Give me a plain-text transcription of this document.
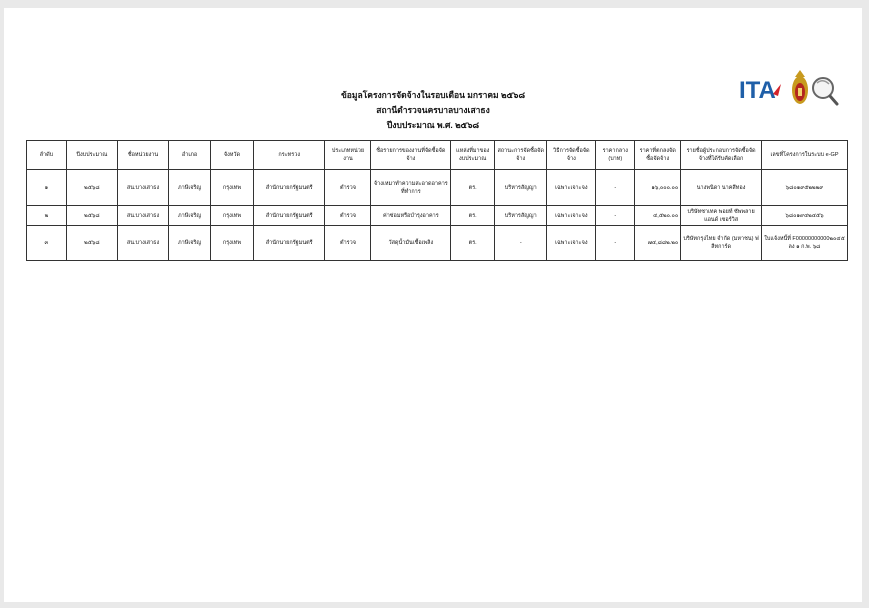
ITA
ข้อมูลโครงการจัดจ้างในรอบเดือน มกราคม ๒๕๖๘
สถานีตำรวจนครบาลบางเสาธง
ปีงบประมาณ พ.ศ. ๒๕๖๘
ลำดับ	ปีงบประมาณ	ชื่อหน่วยงาน	อำเภอ	จังหวัด	กระทรวง	ประเภทหน่วยงาน	ชื่อรายการของงานที่จัดซื้อจัดจ้าง	แหล่งที่มาของงบประมาณ	สถานะการจัดซื้อจัดจ้าง	วิธีการจัดซื้อจัดจ้าง	ราคากลาง (บาท)	ราคาที่ตกลงจัดซื้อจัดจ้าง	รายชื่อผู้ประกอบการจัดซื้อจัดจ้างที่ได้รับคัดเลือก	เลขที่โครงการในระบบ e-GP
๑	๒๕๖๘	สน.บางเสาธง	ภาษีเจริญ	กรุงเทพ	สำนักนายกรัฐมนตรี	ตำรวจ	จ้างเหมาทำความสะอาดอาคารที่ทำการ	ตร.	บริหารสัญญา	เฉพาะเจาะจง	-	๑๖,๐๐๐.๐๐	นางพนิดา นาคสีทอง	๖๘๐๑๙๕๒๒๒๙
๒	๒๕๖๘	สน.บางเสาธง	ภาษีเจริญ	กรุงเทพ	สำนักนายกรัฐมนตรี	ตำรวจ	ค่าซ่อมหรือบำรุงอาคาร	ตร.	บริหารสัญญา	เฉพาะเจาะจง	-	๔,๕๒๐.๐๐	บริษัทซาเทค พอยท์ ซัพพลาย แอนด์ เซอร์วิส	๖๘๐๑๙๔๒๔๕๖
๓	๒๕๖๘	สน.บางเสาธง	ภาษีเจริญ	กรุงเทพ	สำนักนายกรัฐมนตรี	ตำรวจ	วัสดุน้ำมันเชื้อเพลิง	ตร.	-	เฉพาะเจาะจง	-	๗๔,๘๘๒.๒๐	บริษัทกรุงไทย จำกัด (มหาชน) ฟลีทการ์ด	ใบแจ้งหนี้ที่ F00000000000๒๐๔๕ ลง ๑ ก.พ. ๖๘
